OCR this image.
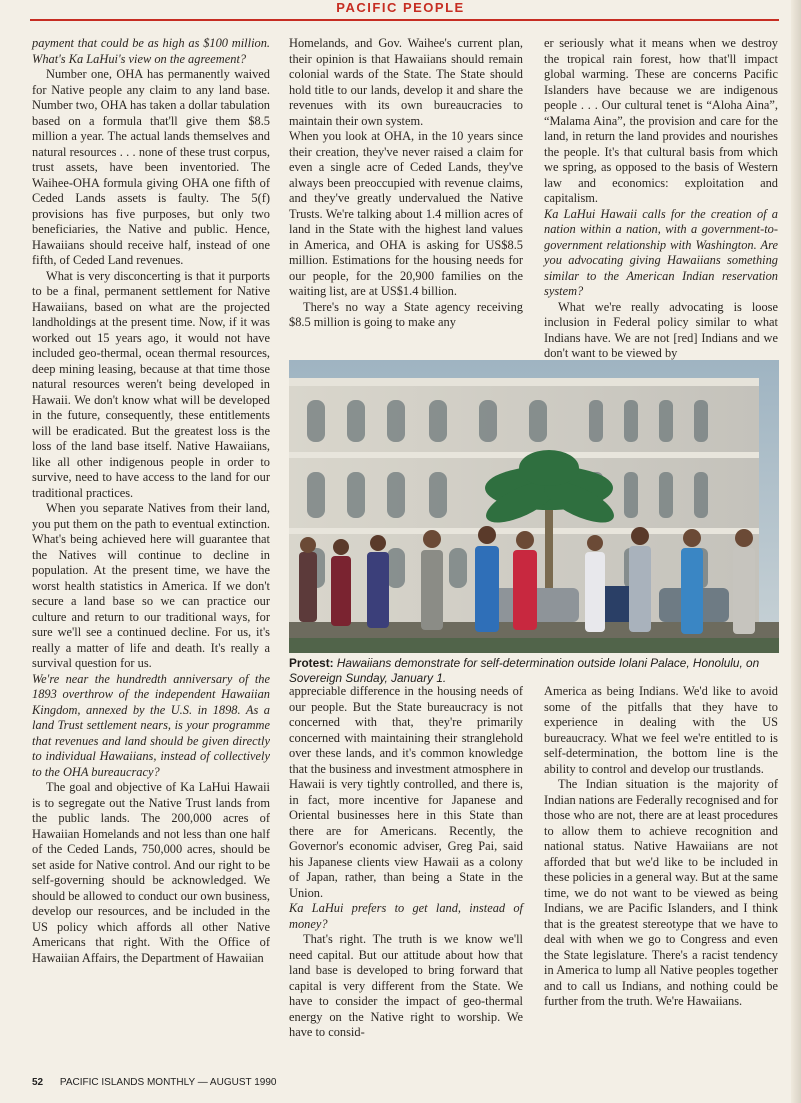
PACIFIC PEOPLE

payment that could be as high as $100 million. What's Ka LaHui's view on the agreement?

Number one, OHA has permanently waived for Native people any claim to any land base. Number two, OHA has taken a dollar tabulation based on a formula that'll give them $8.5 million a year. The actual lands themselves and natural resources . . . none of these trust corpus, trust assets, have been inventoried. The Waihee-OHA formula giving OHA one fifth of Ceded Lands assets is faulty. The 5(f) provisions has five purposes, but only two beneficiaries, the Native and public. Hence, Hawaiians should receive half, instead of one fifth, of Ceded Land revenues.

What is very disconcerting is that it purports to be a final, permanent settlement for Native Hawaiians, based on what are the projected landholdings at the present time. Now, if it was worked out 15 years ago, it would not have included geo-thermal, ocean thermal resources, deep mining leasing, because at that time those natural resources weren't being developed in Hawaii. We don't know what will be developed in the future, consequently, these entitlements will be eradicated. But the greatest loss is the loss of the land base itself. Native Hawaiians, like all other indigenous people in order to survive, need to have access to the land for our traditional practices.

When you separate Natives from their land, you put them on the path to eventual extinction. What's being achieved here will guarantee that the Natives will continue to decline in population. At the present time, we have the worst health statistics in America. If we don't secure a land base so we can practice our culture and return to our traditional ways, for sure we'll see a continued decline. For us, it's really a matter of life and death. It's really a survival question for us.

We're near the hundredth anniversary of the 1893 overthrow of the independent Hawaiian Kingdom, annexed by the U.S. in 1898. As a land Trust settlement nears, is your programme that revenues and land should be given directly to individual Hawaiians, instead of collectively to the OHA bureaucracy?

The goal and objective of Ka LaHui Hawaii is to segregate out the Native Trust lands from the public lands. The 200,000 acres of Hawaiian Homelands and not less than one half of the Ceded Lands, 750,000 acres, should be set aside for Native control. And our right to be self-governing should be acknowledged. We should be allowed to conduct our own business, develop our resources, and be included in the US policy which affords all other Native Americans that right. With the Office of Hawaiian Affairs, the Department of Hawaiian

Homelands, and Gov. Waihee's current plan, their opinion is that Hawaiians should remain colonial wards of the State. The State should hold title to our lands, develop it and share the revenues with its own bureaucracies to maintain their own system.

When you look at OHA, in the 10 years since their creation, they've never raised a claim for even a single acre of Ceded Lands, they've always been preoccupied with revenue claims, and they've greatly undervalued the Native Trusts. We're talking about 1.4 million acres of land in the State with the highest land values in America, and OHA is asking for US$8.5 million. Estimations for the housing needs for our people, for the 20,900 families on the waiting list, are at US$1.4 billion.

There's no way a State agency receiving $8.5 million is going to make any

er seriously what it means when we destroy the tropical rain forest, how that'll impact global warming. These are concerns Pacific Islanders have because we are indigenous people . . . Our cultural tenet is “Aloha Aina”, “Malama Aina”, the provision and care for the land, in return the land provides and nourishes the people. It's that cultural basis from which we spring, as opposed to the basis of Western law and economics: exploitation and capitalism.

Ka LaHui Hawaii calls for the creation of a nation within a nation, with a government-to-government relationship with Washington. Are you advocating giving Hawaiians something similar to the American Indian reservation system?

What we're really advocating is loose inclusion in Federal policy similar to what Indians have. We are not [red] Indians and we don't want to be viewed by

Protest: Hawaiians demonstrate for self-determination outside Iolani Palace, Honolulu, on Sovereign Sunday, January 1.

appreciable difference in the housing needs of our people. But the State bureaucracy is not concerned with that, they're primarily concerned with maintaining their stranglehold over these lands, and it's common knowledge that the business and investment atmosphere in Hawaii is very tightly controlled, and there is, in fact, more incentive for Japanese and Oriental businesses here in this State than there are for Americans. Recently, the Governor's economic adviser, Greg Pai, said his Japanese clients view Hawaii as a colony of Japan, rather, than being a State in the Union.

Ka LaHui prefers to get land, instead of money?

That's right. The truth is we know we'll need capital. But our attitude about how that land base is developed to bring forward that capital is very different from the State. We have to consider the impact of geo-thermal energy on the Native right to worship. We have to consid-

America as being Indians. We'd like to avoid some of the pitfalls that they have to experience in dealing with the US bureaucracy. What we feel we're entitled to is self-determination, the bottom line is the ability to control and develop our trustlands.

The Indian situation is the majority of Indian nations are Federally recognised and for those who are not, there are at least procedures to allow them to achieve recognition and national status. Native Hawaiians are not afforded that but we'd like to be included in these policies in a general way. But at the same time, we do not want to be viewed as being Indians, we are Pacific Islanders, and I think that is the greatest stereotype that we have to deal with when we go to Congress and even the State legislature. There's a racist tendency in America to lump all Native peoples together and to call us Indians, and nothing could be further from the truth. We're Hawaiians.

52 PACIFIC ISLANDS MONTHLY — AUGUST 1990
